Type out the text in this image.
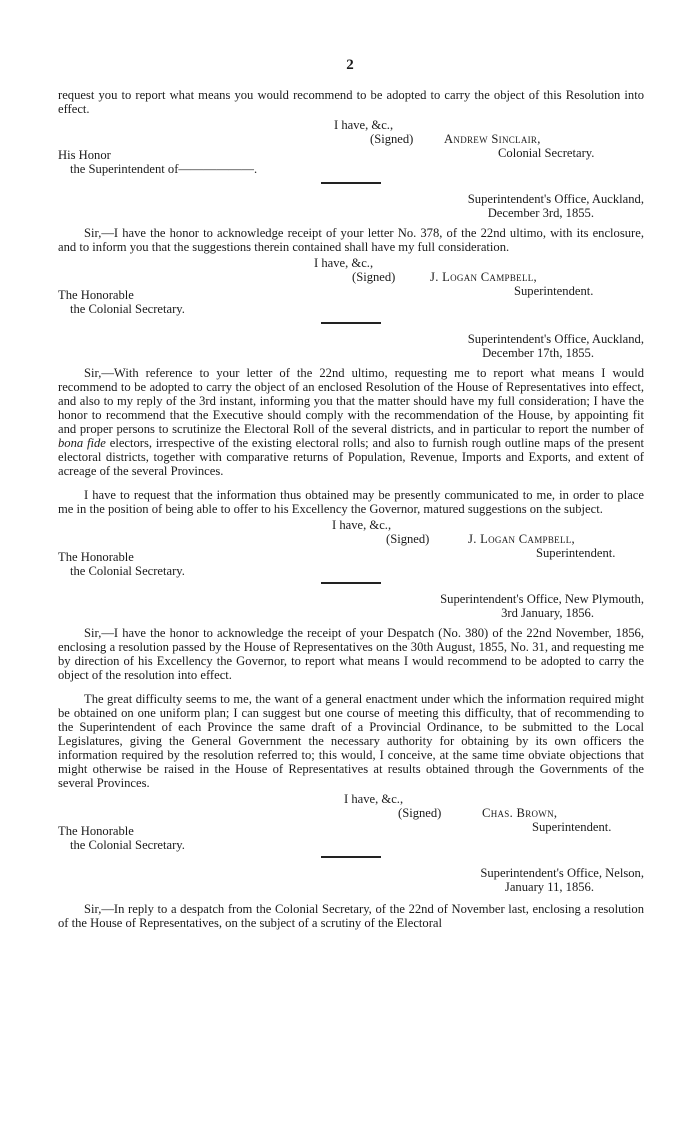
2

request you to report what means you would recommend to be adopted to carry the object of this Resolution into effect.

I have, &c.,
(Signed) Andrew Sinclair,
Colonial Secretary.
His Honor
the Superintendent of——————.
Superintendent's Office, Auckland,
December 3rd, 1855.

Sir,—I have the honor to acknowledge receipt of your letter No. 378, of the 22nd ultimo, with its enclosure, and to inform you that the suggestions therein contained shall have my full consideration.

I have, &c.,
(Signed)	J. Logan Campbell,
Superintendent.
The Honorable
the Colonial Secretary.
Superintendent's Office, Auckland,
December 17th, 1855.

Sir,—With reference to your letter of the 22nd ultimo, requesting me to report what means I would recommend to be adopted to carry the object of an enclosed Resolution of the House of Representatives into effect, and also to my reply of the 3rd instant, informing you that the matter should have my full consideration; I have the honor to recommend that the Executive should comply with the recommendation of the House, by appointing fit and proper persons to scrutinize the Electoral Roll of the several districts, and in particular to report the number of bona fide electors, irrespective of the existing electoral rolls; and also to furnish rough outline maps of the present electoral districts, together with comparative returns of Population, Revenue, Imports and Exports, and extent of acreage of the several Provinces.

I have to request that the information thus obtained may be presently communicated to me, in order to place me in the position of being able to offer to his Excellency the Governor, matured suggestions on the subject.

I have, &c.,
(Signed)	J. Logan Campbell,
Superintendent.
The Honorable
the Colonial Secretary.
Superintendent's Office, New Plymouth,
3rd January, 1856.

Sir,—I have the honor to acknowledge the receipt of your Despatch (No. 380) of the 22nd November, 1856, enclosing a resolution passed by the House of Representatives on the 30th August, 1855, No. 31, and requesting me by direction of his Excellency the Governor, to report what means I would recommend to be adopted to carry the object of the resolution into effect.

The great difficulty seems to me, the want of a general enactment under which the information required might be obtained on one uniform plan; I can suggest but one course of meeting this difficulty, that of recommending to the Superintendent of each Province the same draft of a Provincial Ordinance, to be submitted to the Local Legislatures, giving the General Government the necessary authority for obtaining by its own officers the information required by the resolution referred to; this would, I conceive, at the same time obviate objections that might otherwise be raised in the House of Representatives at results obtained through the Governments of the several Provinces.

I have, &c.,
(Signed)	Chas. Brown,
Superintendent.
The Honorable
the Colonial Secretary.
Superintendent's Office, Nelson,
January 11, 1856.

Sir,—In reply to a despatch from the Colonial Secretary, of the 22nd of November last, enclosing a resolution of the House of Representatives, on the subject of a scrutiny of the Electoral
